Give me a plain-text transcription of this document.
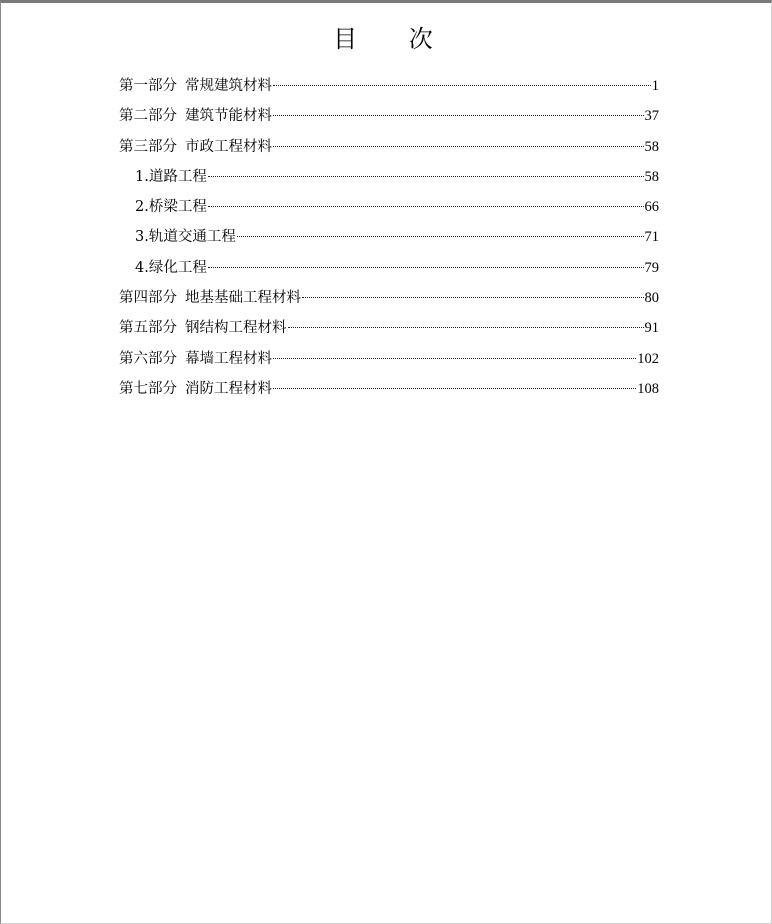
目 次
第一部分 常规建筑材料	1
第二部分 建筑节能材料	37
第三部分 市政工程材料	58
1.道路工程	58
2.桥梁工程	66
3.轨道交通工程	71
4.绿化工程	79
第四部分 地基基础工程材料	80
第五部分 钢结构工程材料	91
第六部分 幕墙工程材料	102
第七部分 消防工程材料	108
